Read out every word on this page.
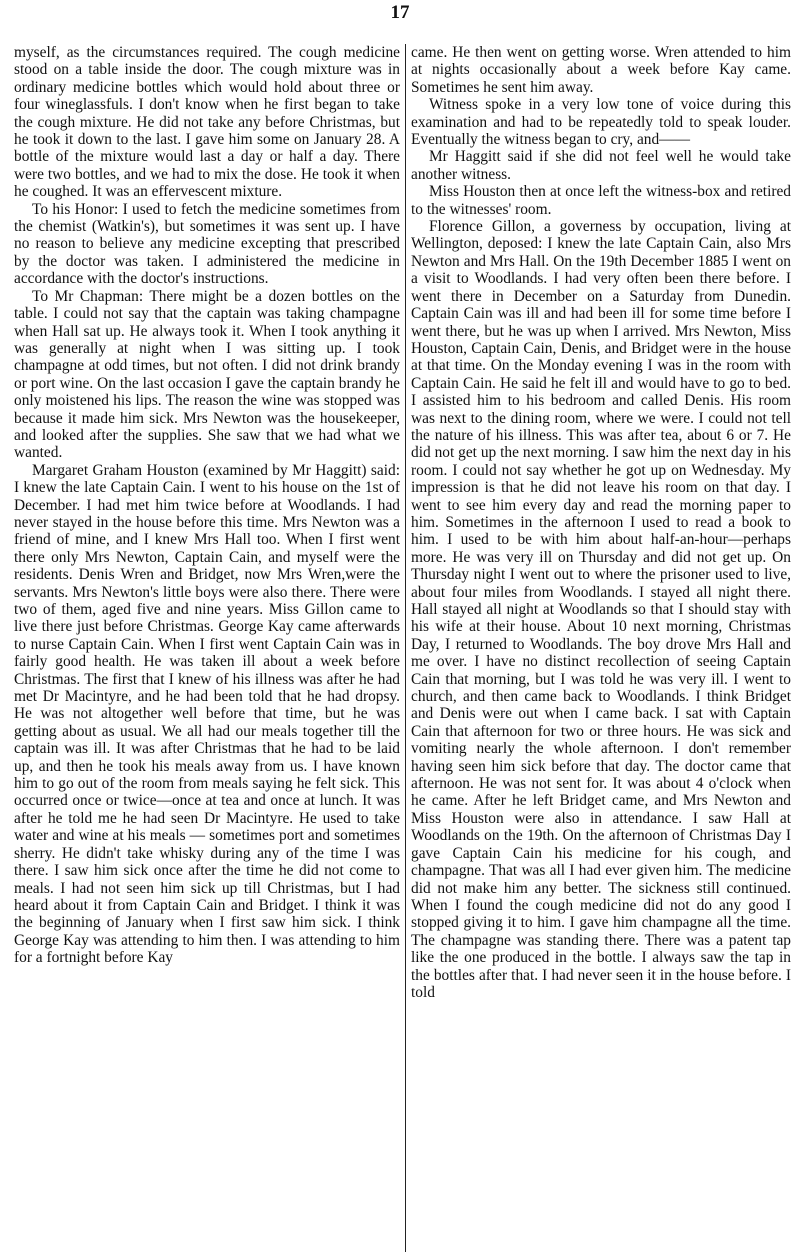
17

myself, as the circumstances required. The cough medicine stood on a table inside the door. The cough mixture was in ordinary medicine bottles which would hold about three or four wineglassfuls. I don't know when he first began to take the cough mixture. He did not take any before Christmas, but he took it down to the last. I gave him some on January 28. A bottle of the mixture would last a day or half a day. There were two bottles, and we had to mix the dose. He took it when he coughed. It was an effervescent mixture.

To his Honor: I used to fetch the medicine sometimes from the chemist (Watkin's), but sometimes it was sent up. I have no reason to believe any medicine excepting that prescribed by the doctor was taken. I administered the medicine in accordance with the doctor's instructions.

To Mr Chapman: There might be a dozen bottles on the table. I could not say that the captain was taking champagne when Hall sat up. He always took it. When I took anything it was generally at night when I was sitting up. I took champagne at odd times, but not often. I did not drink brandy or port wine. On the last occasion I gave the captain brandy he only moistened his lips. The reason the wine was stopped was because it made him sick. Mrs Newton was the housekeeper, and looked after the supplies. She saw that we had what we wanted.

Margaret Graham Houston (examined by Mr Haggitt) said: I knew the late Captain Cain. I went to his house on the 1st of December. I had met him twice before at Woodlands. I had never stayed in the house before this time. Mrs Newton was a friend of mine, and I knew Mrs Hall too. When I first went there only Mrs Newton, Captain Cain, and myself were the residents. Denis Wren and Bridget, now Mrs Wren,were the servants. Mrs Newton's little boys were also there. There were two of them, aged five and nine years. Miss Gillon came to live there just before Christmas. George Kay came afterwards to nurse Captain Cain. When I first went Captain Cain was in fairly good health. He was taken ill about a week before Christmas. The first that I knew of his illness was after he had met Dr Macintyre, and he had been told that he had dropsy. He was not altogether well before that time, but he was getting about as usual. We all had our meals together till the captain was ill. It was after Christmas that he had to be laid up, and then he took his meals away from us. I have known him to go out of the room from meals saying he felt sick. This occurred once or twice—once at tea and once at lunch. It was after he told me he had seen Dr Macintyre. He used to take water and wine at his meals — sometimes port and sometimes sherry. He didn't take whisky during any of the time I was there. I saw him sick once after the time he did not come to meals. I had not seen him sick up till Christmas, but I had heard about it from Captain Cain and Bridget. I think it was the beginning of January when I first saw him sick. I think George Kay was attending to him then. I was attending to him for a fortnight before Kay

came. He then went on getting worse. Wren attended to him at nights occasionally about a week before Kay came. Sometimes he sent him away.

Witness spoke in a very low tone of voice during this examination and had to be repeatedly told to speak louder. Eventually the witness began to cry, and——

Mr Haggitt said if she did not feel well he would take another witness.

Miss Houston then at once left the witness-box and retired to the witnesses' room.

Florence Gillon, a governess by occupation, living at Wellington, deposed: I knew the late Captain Cain, also Mrs Newton and Mrs Hall. On the 19th December 1885 I went on a visit to Woodlands. I had very often been there before. I went there in December on a Saturday from Dunedin. Captain Cain was ill and had been ill for some time before I went there, but he was up when I arrived. Mrs Newton, Miss Houston, Captain Cain, Denis, and Bridget were in the house at that time. On the Monday evening I was in the room with Captain Cain. He said he felt ill and would have to go to bed. I assisted him to his bedroom and called Denis. His room was next to the dining room, where we were. I could not tell the nature of his illness. This was after tea, about 6 or 7. He did not get up the next morning. I saw him the next day in his room. I could not say whether he got up on Wednesday. My impression is that he did not leave his room on that day. I went to see him every day and read the morning paper to him. Sometimes in the afternoon I used to read a book to him. I used to be with him about half-an-hour—perhaps more. He was very ill on Thursday and did not get up. On Thursday night I went out to where the prisoner used to live, about four miles from Woodlands. I stayed all night there. Hall stayed all night at Woodlands so that I should stay with his wife at their house. About 10 next morning, Christmas Day, I returned to Woodlands. The boy drove Mrs Hall and me over. I have no distinct recollection of seeing Captain Cain that morning, but I was told he was very ill. I went to church, and then came back to Woodlands. I think Bridget and Denis were out when I came back. I sat with Captain Cain that afternoon for two or three hours. He was sick and vomiting nearly the whole afternoon. I don't remember having seen him sick before that day. The doctor came that afternoon. He was not sent for. It was about 4 o'clock when he came. After he left Bridget came, and Mrs Newton and Miss Houston were also in attendance. I saw Hall at Woodlands on the 19th. On the afternoon of Christmas Day I gave Captain Cain his medicine for his cough, and champagne. That was all I had ever given him. The medicine did not make him any better. The sickness still continued. When I found the cough medicine did not do any good I stopped giving it to him. I gave him champagne all the time. The champagne was standing there. There was a patent tap like the one produced in the bottle. I always saw the tap in the bottles after that. I had never seen it in the house before. I told
